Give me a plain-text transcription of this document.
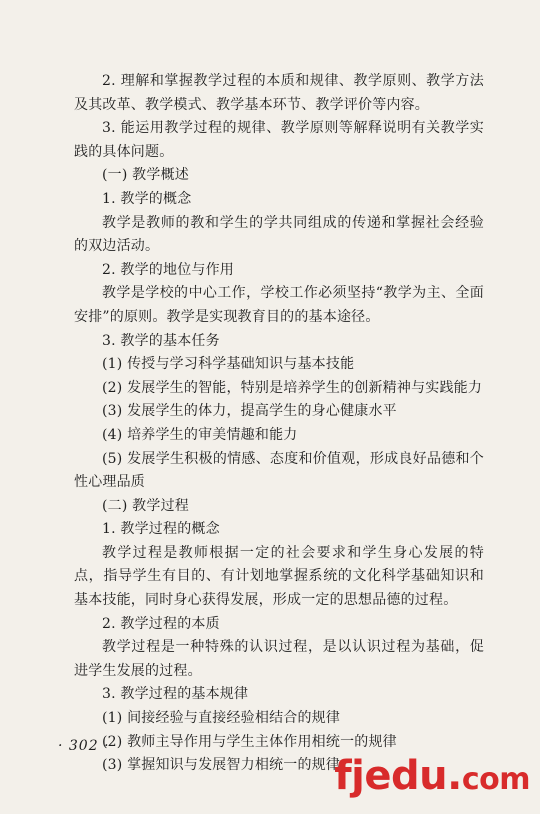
2. 理解和掌握教学过程的本质和规律、教学原则、教学方法及其改革、教学模式、教学基本环节、教学评价等内容。

3. 能运用教学过程的规律、教学原则等解释说明有关教学实践的具体问题。

(一) 教学概述

1. 教学的概念

教学是教师的教和学生的学共同组成的传递和掌握社会经验的双边活动。

2. 教学的地位与作用

教学是学校的中心工作，学校工作必须坚持“教学为主、全面安排”的原则。教学是实现教育目的的基本途径。

3. 教学的基本任务

(1) 传授与学习科学基础知识与基本技能

(2) 发展学生的智能，特别是培养学生的创新精神与实践能力

(3) 发展学生的体力，提高学生的身心健康水平

(4) 培养学生的审美情趣和能力

(5) 发展学生积极的情感、态度和价值观，形成良好品德和个性心理品质

(二) 教学过程

1. 教学过程的概念

教学过程是教师根据一定的社会要求和学生身心发展的特点，指导学生有目的、有计划地掌握系统的文化科学基础知识和基本技能，同时身心获得发展，形成一定的思想品德的过程。

2. 教学过程的本质

教学过程是一种特殊的认识过程，是以认识过程为基础，促进学生发展的过程。

3. 教学过程的基本规律

(1) 间接经验与直接经验相结合的规律

(2) 教师主导作用与学生主体作用相统一的规律

(3) 掌握知识与发展智力相统一的规律

· 302 ·
fjedu.com
